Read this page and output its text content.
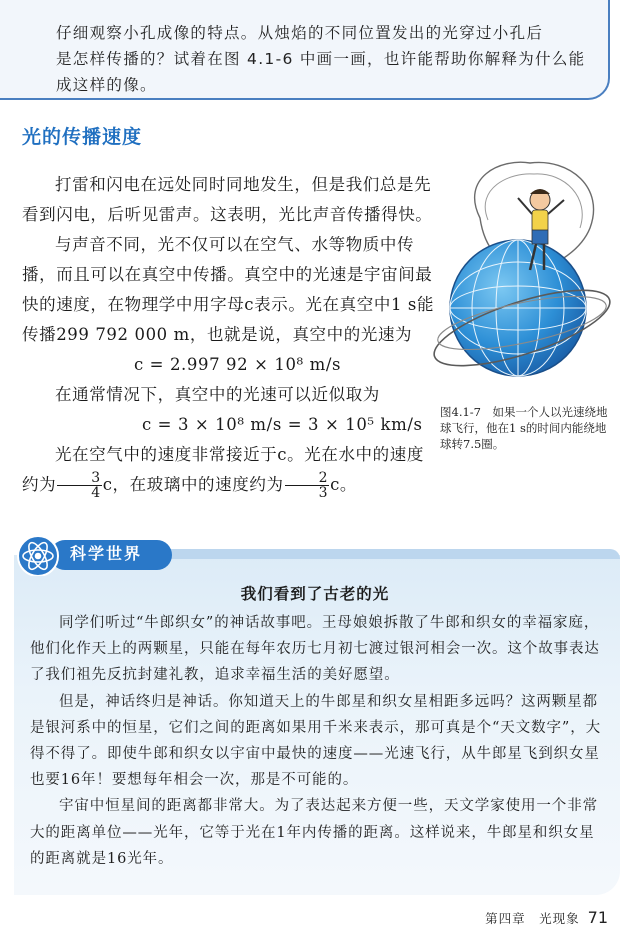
仔细观察小孔成像的特点。从烛焰的不同位置发出的光穿过小孔后

是怎样传播的？试着在图 4.1-6 中画一画，也许能帮助你解释为什么能

成这样的像。

光的传播速度

打雷和闪电在远处同时同地发生，但是我们总是先看到闪电，后听见雷声。这表明，光比声音传播得快。

与声音不同，光不仅可以在空气、水等物质中传播，而且可以在真空中传播。真空中的光速是宇宙间最快的速度，在物理学中用字母c表示。光在真空中1 s能传播299 792 000 m，也就是说，真空中的光速为

c = 2.997 92 × 10⁸ m/s

在通常情况下，真空中的光速可以近似取为

c = 3 × 10⁸ m/s = 3 × 10⁵ km/s

光在空气中的速度非常接近于c。光在水中的速度约为 $\frac{3}{4}$ c，在玻璃中的速度约为 $\frac{2}{3}$ c。

图4.1-7　如果一个人以光速绕地球飞行，他在1 s的时间内能绕地球转7.5圈。

科学世界

我们看到了古老的光

同学们听过“牛郎织女”的神话故事吧。王母娘娘拆散了牛郎和织女的幸福家庭，他们化作天上的两颗星，只能在每年农历七月初七渡过银河相会一次。这个故事表达了我们祖先反抗封建礼教，追求幸福生活的美好愿望。

但是，神话终归是神话。你知道天上的牛郎星和织女星相距多远吗？这两颗星都是银河系中的恒星，它们之间的距离如果用千米来表示，那可真是个“天文数字”，大得不得了。即使牛郎和织女以宇宙中最快的速度——光速飞行，从牛郎星飞到织女星也要16年！要想每年相会一次，那是不可能的。

宇宙中恒星间的距离都非常大。为了表达起来方便一些，天文学家使用一个非常大的距离单位——光年，它等于光在1年内传播的距离。这样说来，牛郎星和织女星的距离就是16光年。

第四章　光现象 71
